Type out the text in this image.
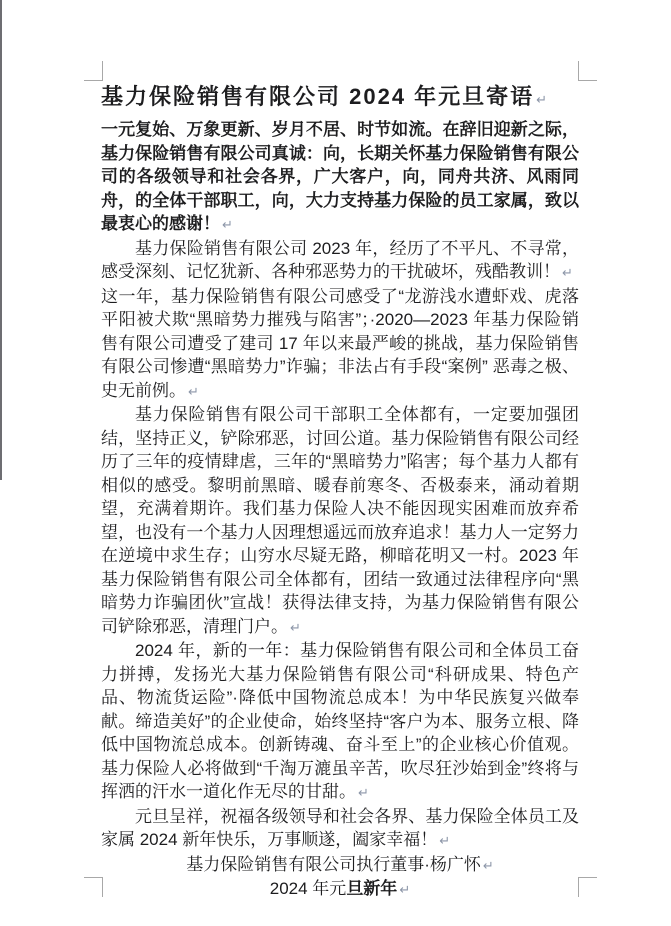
基力保险销售有限公司 2024 年元旦寄语 ↵

一元复始、万象更新、岁月不居、时节如流。在辞旧迎新之际，基力保险销售有限公司真诚：向，长期关怀基力保险销售有限公司的各级领导和社会各界，广大客户，向，同舟共济、风雨同舟，的全体干部职工，向，大力支持基力保险的员工家属，致以最衷心的感谢！ ↵

基力保险销售有限公司 2023 年，经历了不平凡、不寻常，感受深刻、记忆犹新、各种邪恶势力的干扰破坏，残酷教训！ ↵

这一年，基力保险销售有限公司感受了“龙游浅水遭虾戏、虎落平阳被犬欺“黑暗势力摧残与陷害”；·2020—2023 年基力保险销售有限公司遭受了建司 17 年以来最严峻的挑战，基力保险销售有限公司惨遭“黑暗势力”诈骗；非法占有手段“案例” 恶毒之极、史无前例。 ↵

基力保险销售有限公司干部职工全体都有，一定要加强团结，坚持正义，铲除邪恶，讨回公道。基力保险销售有限公司经历了三年的疫情肆虐，三年的“黑暗势力”陷害；每个基力人都有相似的感受。黎明前黑暗、暖春前寒冬、否极泰来，涌动着期望，充满着期许。我们基力保险人决不能因现实困难而放弃希望，也没有一个基力人因理想遥远而放弃追求！基力人一定努力在逆境中求生存；山穷水尽疑无路，柳暗花明又一村。2023 年基力保险销售有限公司全体都有，团结一致通过法律程序向“黑暗势力诈骗团伙”宣战！获得法律支持，为基力保险销售有限公司铲除邪恶，清理门户。 ↵

2024 年，新的一年：基力保险销售有限公司和全体员工奋力拼搏，发扬光大基力保险销售有限公司“科研成果、特色产品、物流货运险”·降低中国物流总成本！为中华民族复兴做奉献。缔造美好”的企业使命，始终坚持“客户为本、服务立根、降低中国物流总成本。创新铸魂、奋斗至上”的企业核心价值观。基力保险人必将做到“千淘万漉虽辛苦，吹尽狂沙始到金”终将与挥洒的汗水一道化作无尽的甘甜。 ↵

元旦呈祥，祝福各级领导和社会各界、基力保险全体员工及家属 2024 新年快乐，万事顺遂，阖家幸福！ ↵

基力保险销售有限公司执行董事·杨广怀 ↵

2024 年元旦新年 ↵
